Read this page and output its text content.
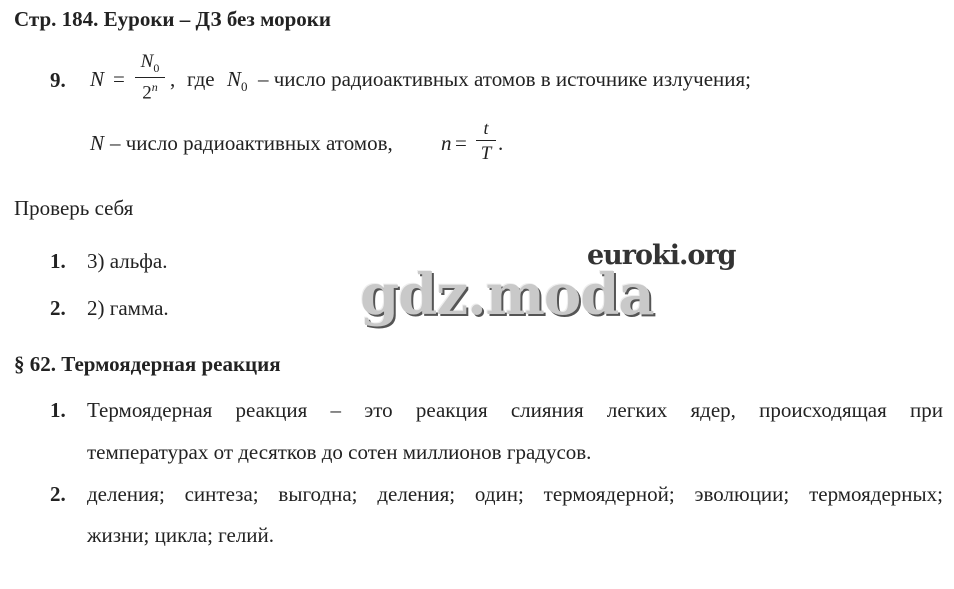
Стр. 184. Еуроки – ДЗ без мороки
9. N =
$N_0$
2$^n$ , где $N_0$ – число радиоактивных атомов в источнике излучения;
N – число радиоактивных атомов, n =
t
T .
Проверь себя
1. 3) альфа.
2. 2) гамма.
euroki.org
gdz.moda
§ 62. Термоядерная реакция
1. Термоядерная реакция – это реакция слияния легких ядер, происходящая при
температурах от десятков до сотен миллионов градусов.
2. деления; синтеза; выгодна; деления; один; термоядерной; эволюции; термоядерных;
жизни; цикла; гелий.
